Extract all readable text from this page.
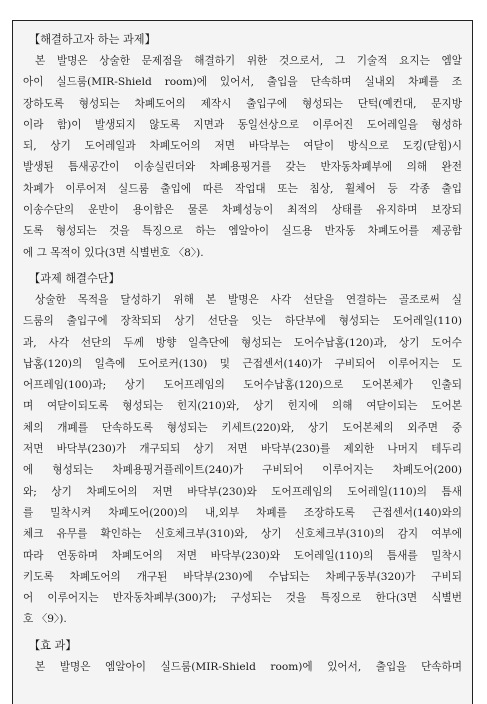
【해결하고자 하는 과제】
본 발명은 상술한 문제점을 해결하기 위한 것으로서, 그 기술적 요지는 엠알
아이 실드룸(MIR-Shield room)에 있어서, 출입을 단속하며 실내외 차폐를 조
장하도록 형성되는 차폐도어의 제작시 출입구에 형성되는 단턱(예컨대, 문지방
이라 함)이 발생되지 않도록 지면과 동일선상으로 이루어진 도어레일을 형성하
되, 상기 도어레일과 차폐도어의 저면 바닥부는 여닫이 방식으로 도킹(닫힘)시
발생된 틈새공간이 이송실린더와 차폐용핑거를 갖는 반자동차폐부에 의해 완전
차폐가 이루어져 실드룸 출입에 따른 작업대 또는 침상, 휠체어 등 각종 출입
이송수단의 운반이 용이함은 물론 차폐성능이 최적의 상태를 유지하며 보장되
도록 형성되는 것을 특징으로 하는 엠알아이 실드용 반자동 차폐도어를 제공함
에 그 목적이 있다(3면 식별번호 〈8〉).
【과제 해결수단】
상술한 목적을 달성하기 위해 본 발명은 사각 선단을 연결하는 골조로써 실
드룸의 출입구에 장착되되 상기 선단을 잇는 하단부에 형성되는 도어레일(110)
과, 사각 선단의 두께 방향 일측단에 형성되는 도어수납홈(120)과, 상기 도어수
납홈(120)의 일측에 도어로커(130) 및 근접센서(140)가 구비되어 이루어지는 도
어프레임(100)과; 상기 도어프레임의 도어수납홈(120)으로 도어본체가 인출되
며 여닫이되도록 형성되는 힌지(210)와, 상기 힌지에 의해 여닫이되는 도어본
체의 개폐를 단속하도록 형성되는 키세트(220)와, 상기 도어본체의 외주면 중
저면 바닥부(230)가 개구되되 상기 저면 바닥부(230)를 제외한 나머지 테두리
에 형성되는 차폐용핑거플레이트(240)가 구비되어 이루어지는 차폐도어(200)
와; 상기 차폐도어의 저면 바닥부(230)와 도어프레임의 도어레일(110)의 틈새
를 밀착시켜 차폐도어(200)의 내,외부 차폐를 조장하도록 근접센서(140)와의
체크 유무를 확인하는 신호체크부(310)와, 상기 신호체크부(310)의 감지 여부에
따라 연동하며 차폐도어의 저면 바닥부(230)와 도어레일(110)의 틈새를 밀착시
키도록 차폐도어의 개구된 바닥부(230)에 수납되는 차폐구동부(320)가 구비되
어 이루어지는 반자동차폐부(300)가; 구성되는 것을 특징으로 한다(3면 식별번
호 〈9〉).
【효 과】
본 발명은 엠알아이 실드룸(MIR-Shield room)에 있어서, 출입을 단속하며
